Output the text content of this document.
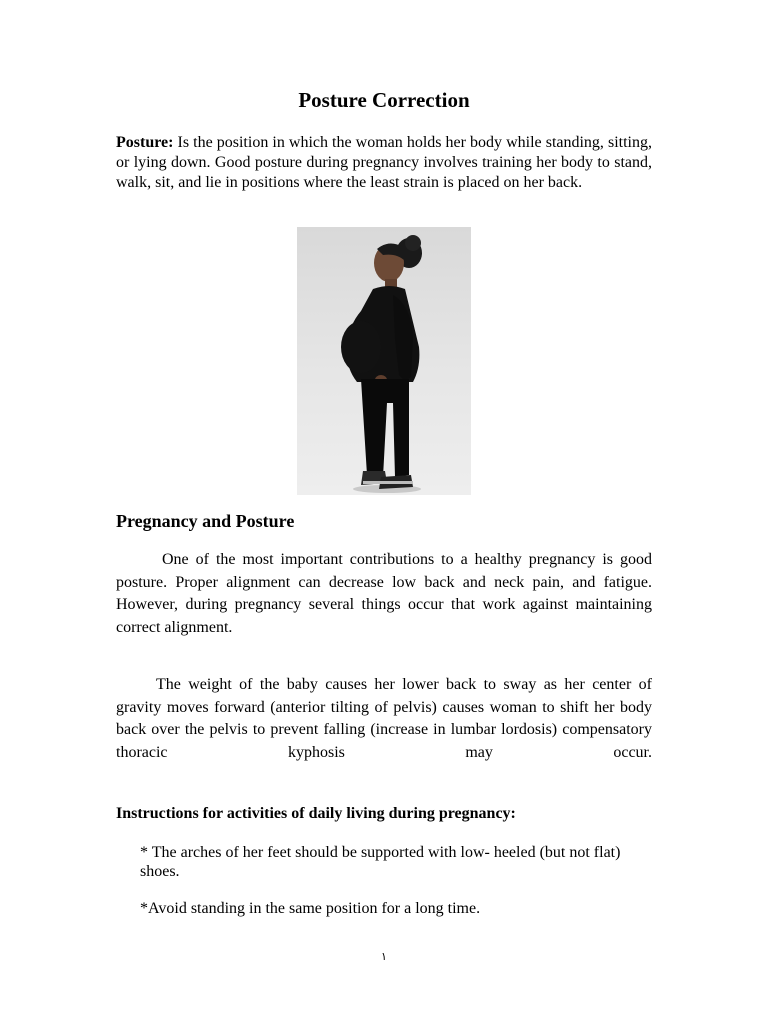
Posture Correction

Posture: Is the position in which the woman holds her body while standing, sitting, or lying down. Good posture during pregnancy involves training her body to stand, walk, sit, and lie in positions where the least strain is placed on her back.

Pregnancy and Posture

One of the most important contributions to a healthy pregnancy is good posture. Proper alignment can decrease low back and neck pain, and fatigue. However, during pregnancy several things occur that work against maintaining correct alignment.

The weight of the baby causes her lower back to sway as her center of gravity moves forward (anterior tilting of pelvis) causes woman to shift her body back over the pelvis to prevent falling (increase in lumbar lordosis) compensatory thoracic kyphosis may occur.

Instructions for activities of daily living during pregnancy:

* The arches of her feet should be supported with low- heeled (but not flat) shoes.

*Avoid standing in the same position for a long time.

١
